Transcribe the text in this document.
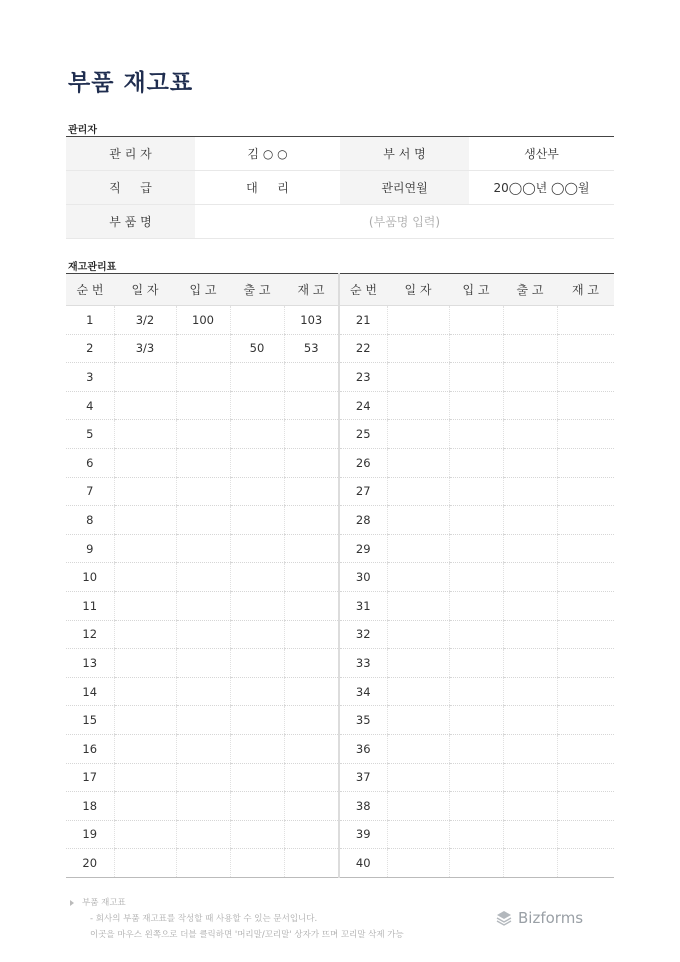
부품 재고표
관리자
관 리 자	김 ○ ○	부 서 명	생산부
직 　 급	대 　 리	관리연월	20◯◯년 ◯◯월
부 품 명	(부품명 입력)		
재고관리표
순 번	일 자	입 고	출 고	재 고	순 번	일 자	입 고	출 고	재 고
1	3/2	100		103	21				
2	3/3		50	53	22				
3					23				
4					24				
5					25				
6					26				
7					27				
8					28				
9					29				
10					30				
11					31				
12					32				
13					33				
14					34				
15					35				
16					36				
17					37				
18					38				
19					39				
20					40				
부품 재고표
- 회사의 부품 재고표를 작성할 때 사용할 수 있는 문서입니다.
이곳을 마우스 왼쪽으로 더블 클릭하면 '머리말/꼬리말' 상자가 뜨며 꼬리말 삭제 가능
Bizforms
